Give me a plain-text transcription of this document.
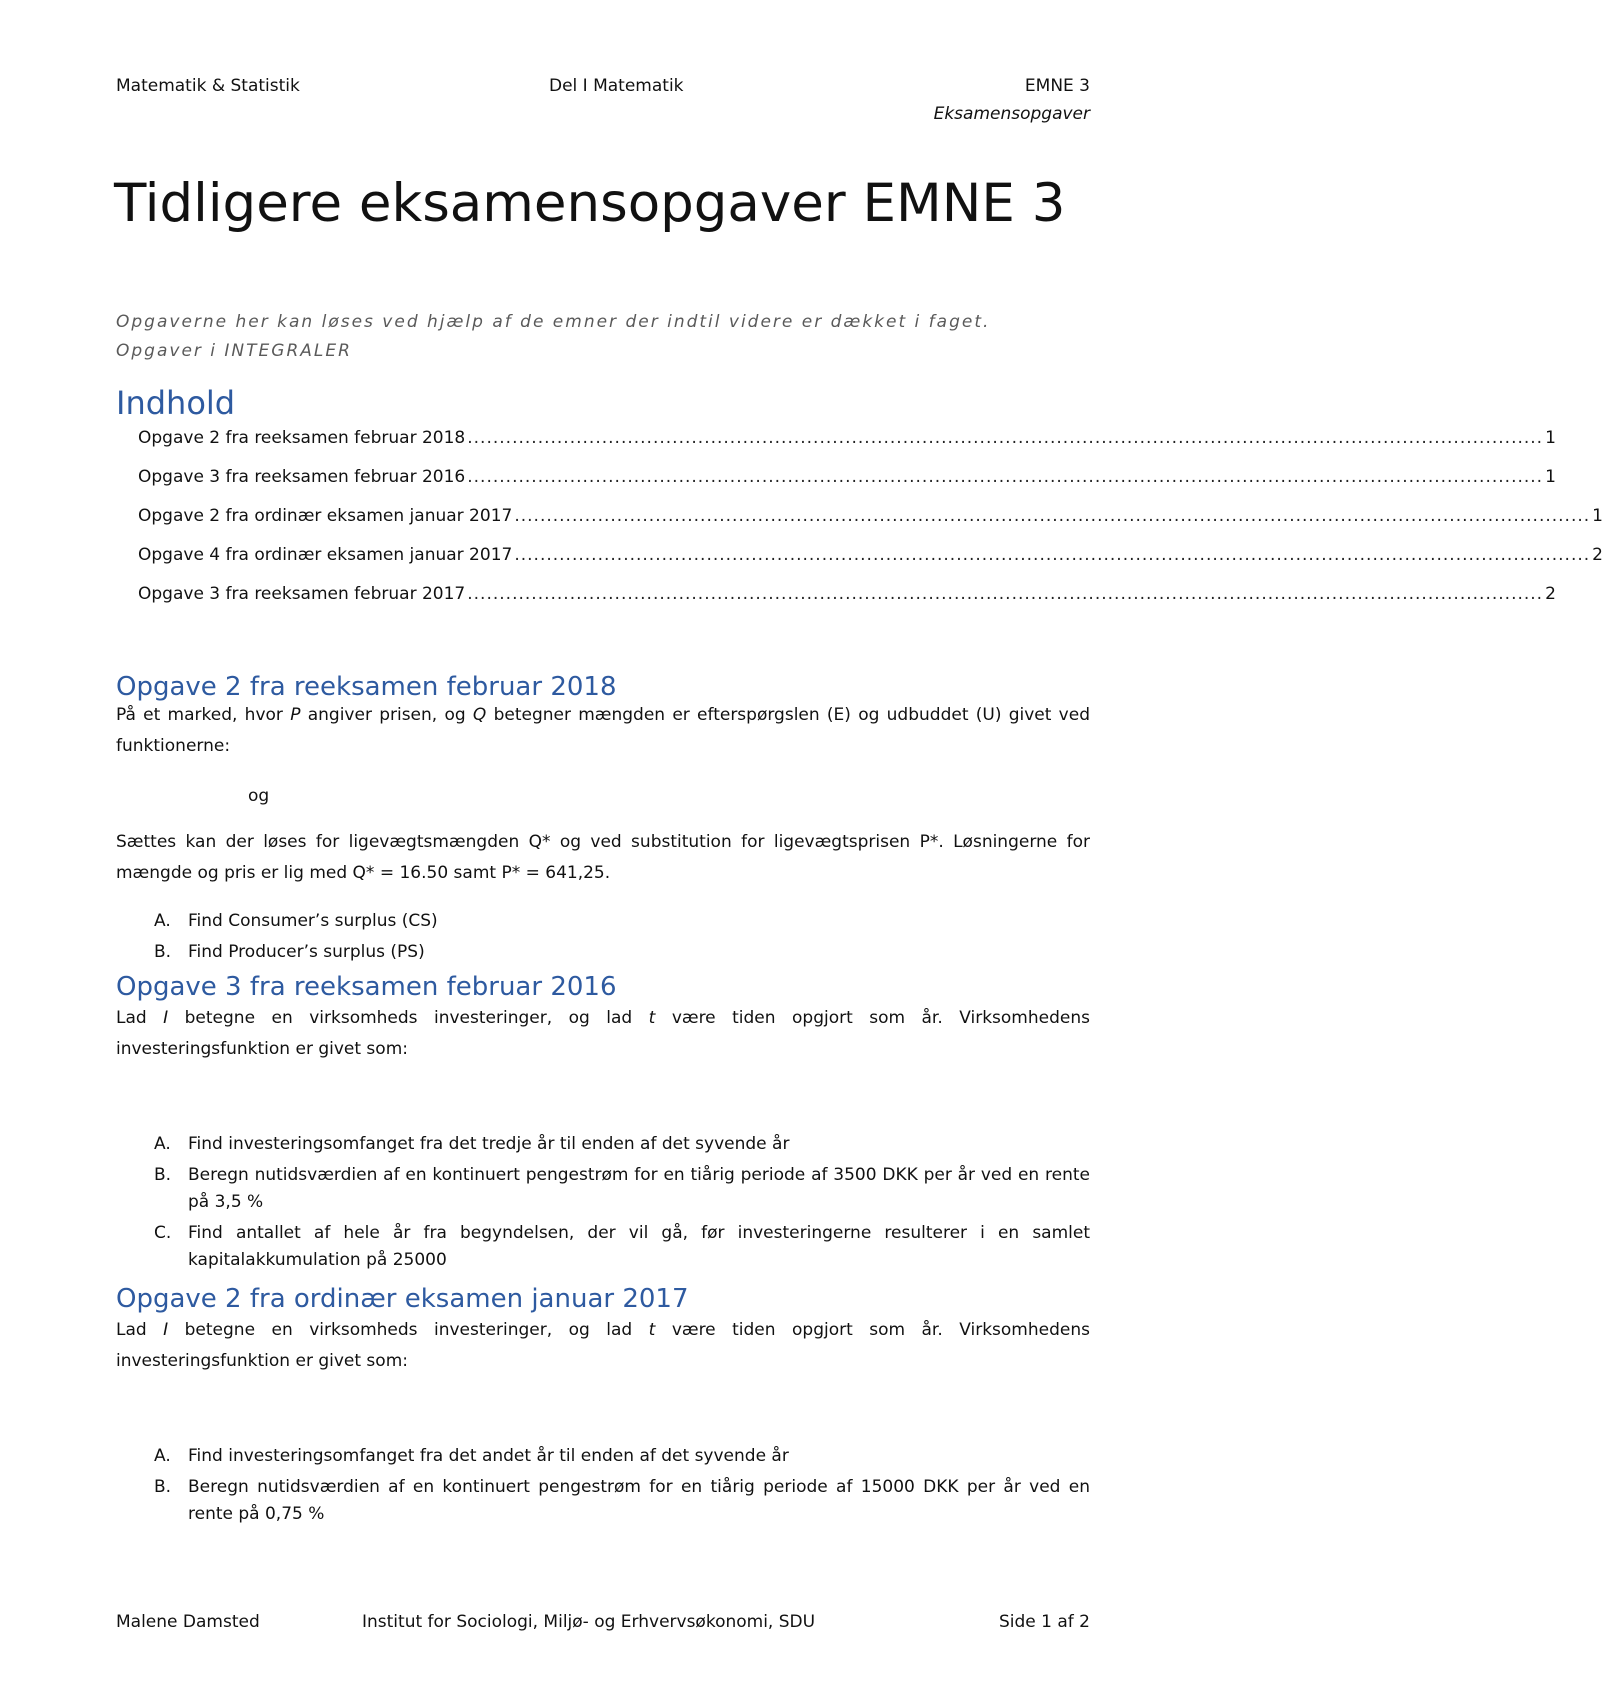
Matematik & Statistik	Del I Matematik	EMNE 3
Eksamensopgaver
Tidligere eksamensopgaver EMNE 3
Opgaverne her kan løses ved hjælp af de emner der indtil videre er dækket i faget.
Opgaver i INTEGRALER
Indhold
Opgave 2 fra reeksamen februar 2018 ........................................................................................................................................................................ 1
Opgave 3 fra reeksamen februar 2016 ........................................................................................................................................................................ 1
Opgave 2 fra ordinær eksamen januar 2017 ........................................................................................................................................................................ 1
Opgave 4 fra ordinær eksamen januar 2017 ........................................................................................................................................................................ 2
Opgave 3 fra reeksamen februar 2017 ........................................................................................................................................................................ 2
Opgave 2 fra reeksamen februar 2018

På et marked, hvor P angiver prisen, og Q betegner mængden er efterspørgslen (E) og udbuddet (U) givet ved funktionerne:

og

Sættes kan der løses for ligevægtsmængden Q* og ved substitution for ligevægtsprisen P*. Løsningerne for mængde og pris er lig med Q* = 16.50 samt P* = 641,25.

A. Find Consumer’s surplus (CS)
B. Find Producer’s surplus (PS)
Opgave 3 fra reeksamen februar 2016

Lad I betegne en virksomheds investeringer, og lad t være tiden opgjort som år. Virksomhedens investeringsfunktion er givet som:

A. Find investeringsomfanget fra det tredje år til enden af det syvende år
B. Beregn nutidsværdien af en kontinuert pengestrøm for en tiårig periode af 3500 DKK per år ved en rente på 3,5 %
C. Find antallet af hele år fra begyndelsen, der vil gå, før investeringerne resulterer i en samlet kapitalakkumulation på 25000
Opgave 2 fra ordinær eksamen januar 2017

Lad I betegne en virksomheds investeringer, og lad t være tiden opgjort som år. Virksomhedens investeringsfunktion er givet som:

A. Find investeringsomfanget fra det andet år til enden af det syvende år
B. Beregn nutidsværdien af en kontinuert pengestrøm for en tiårig periode af 15000 DKK per år ved en rente på 0,75 %
Malene Damsted	Institut for Sociologi, Miljø- og Erhvervsøkonomi, SDU	Side 1 af 2
